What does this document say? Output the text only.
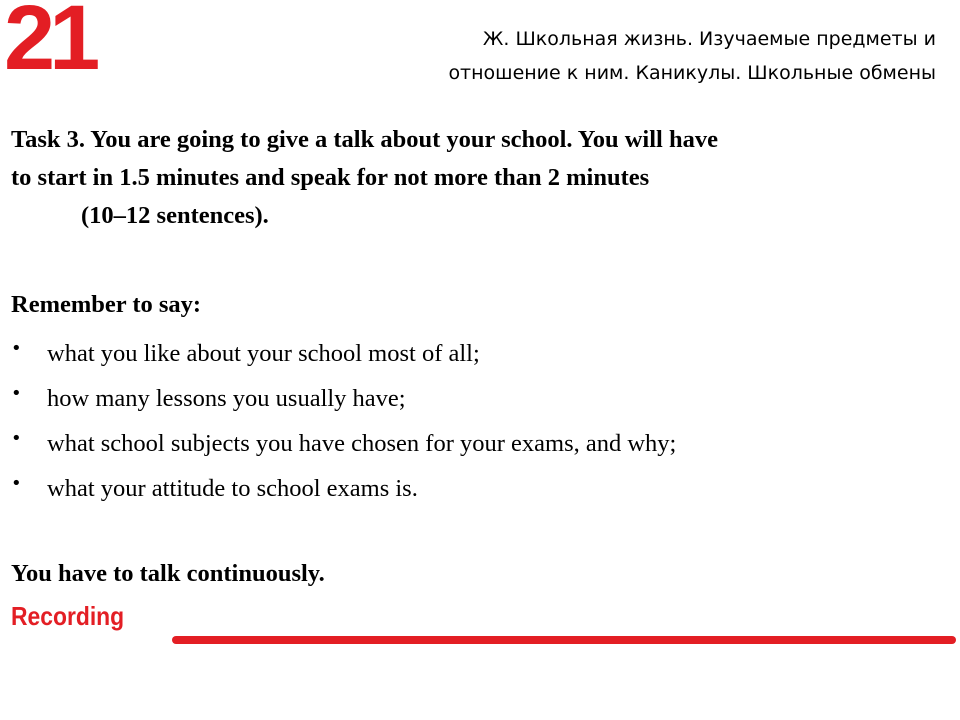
21	Ж. Школьная жизнь. Изучаемые предметы и
отношение к ним. Каникулы. Школьные обмены

Task 3. You are going to give a talk about your school. You will have
to start in 1.5 minutes and speak for not more than 2 minutes

(10–12 sentences).

Remember to say:

• what you like about your school most of all;
• how many lessons you usually have;
• what school subjects you have chosen for your exams, and why;
• what your attitude to school exams is.

You have to talk continuously.

Recording
